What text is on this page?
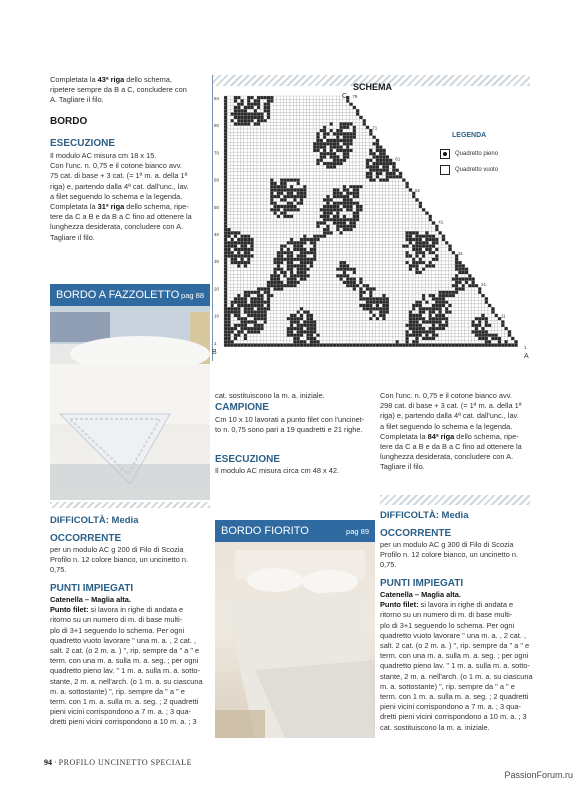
Completata la 43ª riga dello schema,
ripetere sempre da B a C, concludere con
A. Tagliare il filo.
BORDO
ESECUZIONE
Il modulo AC misura cm 18 x 15.
Con l'unc. n. 0,75 e il cotone bianco avv.
75 cat. di base + 3 cat. (= 1ª m. a. della 1ª
riga) e, partendo dalla 4ª cat. dall'unc., lav.
a filet seguendo lo schema e la legenda.
Completata la 31ª riga dello schema, ripe-
tere da C a B e da B a C fino ad ottenere la
lunghezza desiderata, concludere con A.
Tagliare il filo.
SCHEMA
84
80
70
60
50
40
30
20
10
1
79
71
61
51
41
31
21
11
1
B
A
C
LEGENDA
Quadretto pieno
Quadretto vuoto
BORDO A FAZZOLETTO pag 88
cat. sostituiscono la m. a. iniziale.
CAMPIONE
Cm 10 x 10 lavorati a punto filet con l'uncinet-
to n. 0,75 sono pari a 19 quadretti e 21 righe.
ESECUZIONE
Il modulo AC misura circa cm 48 x 42.
Con l'unc. n. 0,75 e il cotone bianco avv.
298 cat. di base + 3 cat. (= 1ª m. a. della 1ª
riga) e, partendo dalla 4ª cat. dall'unc., lav.
a filet seguendo lo schema e la legenda.
Completata la 84ª riga dello schema, ripe-
tere da C a B e da B a C fino ad ottenere la
lunghezza desiderata, concludere con A.
Tagliare il filo.
DIFFICOLTÀ: Media
OCCORRENTE
per un modulo AC g 200 di Filo di Scozia
Profilo n. 12 colore bianco, un uncinetto n.
0,75.
PUNTI IMPIEGATI
Catenella – Maglia alta.
Punto filet: si lavora in righe di andata e
ritorno su un numero di m. di base multi-
plo di 3+1 seguendo lo schema. Per ogni
quadretto vuoto lavorare " una m. a. , 2 cat. ,
salt. 2 cat. (o 2 m. a. ) ", rip. sempre da " a " e
term. con una m. a. sulla m. a. seg. ; per ogni
quadretto pieno lav. " 1 m. a. sulla m. a. sotto-
stante, 2 m. a. nell'arch. (o 1 m. a. su ciascuna
m. a. sottostante) ", rip. sempre da " a " e
term. con 1 m. a. sulla m. a. seg. ; 2 quadretti
pieni vicini corrispondono a 7 m. a. ; 3 qua-
dretti pieni vicini corrispondono a 10 m. a. ; 3
BORDO FIORITO	pag 89
DIFFICOLTÀ: Media
OCCORRENTE
per un modulo AC g 300 di Filo di Scozia
Profilo n. 12 colore bianco, un uncinetto n.
0,75.
PUNTI IMPIEGATI
Catenella – Maglia alta.
Punto filet: si lavora in righe di andata e
ritorno su un numero di m. di base multi-
plo di 3+1 seguendo lo schema. Per ogni
quadretto vuoto lavorare " una m. a. , 2 cat. ,
salt. 2 cat. (o 2 m. a. ) ", rip. sempre da " a " e
term. con una m. a. sulla m. a. seg. ; per ogni
quadretto pieno lav. " 1 m. a. sulla m. a. sotto-
stante, 2 m. a. nell'arch. (o 1 m. a. su ciascuna
m. a. sottostante) ", rip. sempre da " a " e
term. con 1 m. a. sulla m. a. seg. ; 2 quadretti
pieni vicini corrispondono a 7 m. a. ; 3 qua-
dretti pieni vicini corrispondono a 10 m. a. ; 3
cat. sostituiscono la m. a. iniziale.
94 · PROFILO UNCINETTO SPECIALE
PassionForum.ru
